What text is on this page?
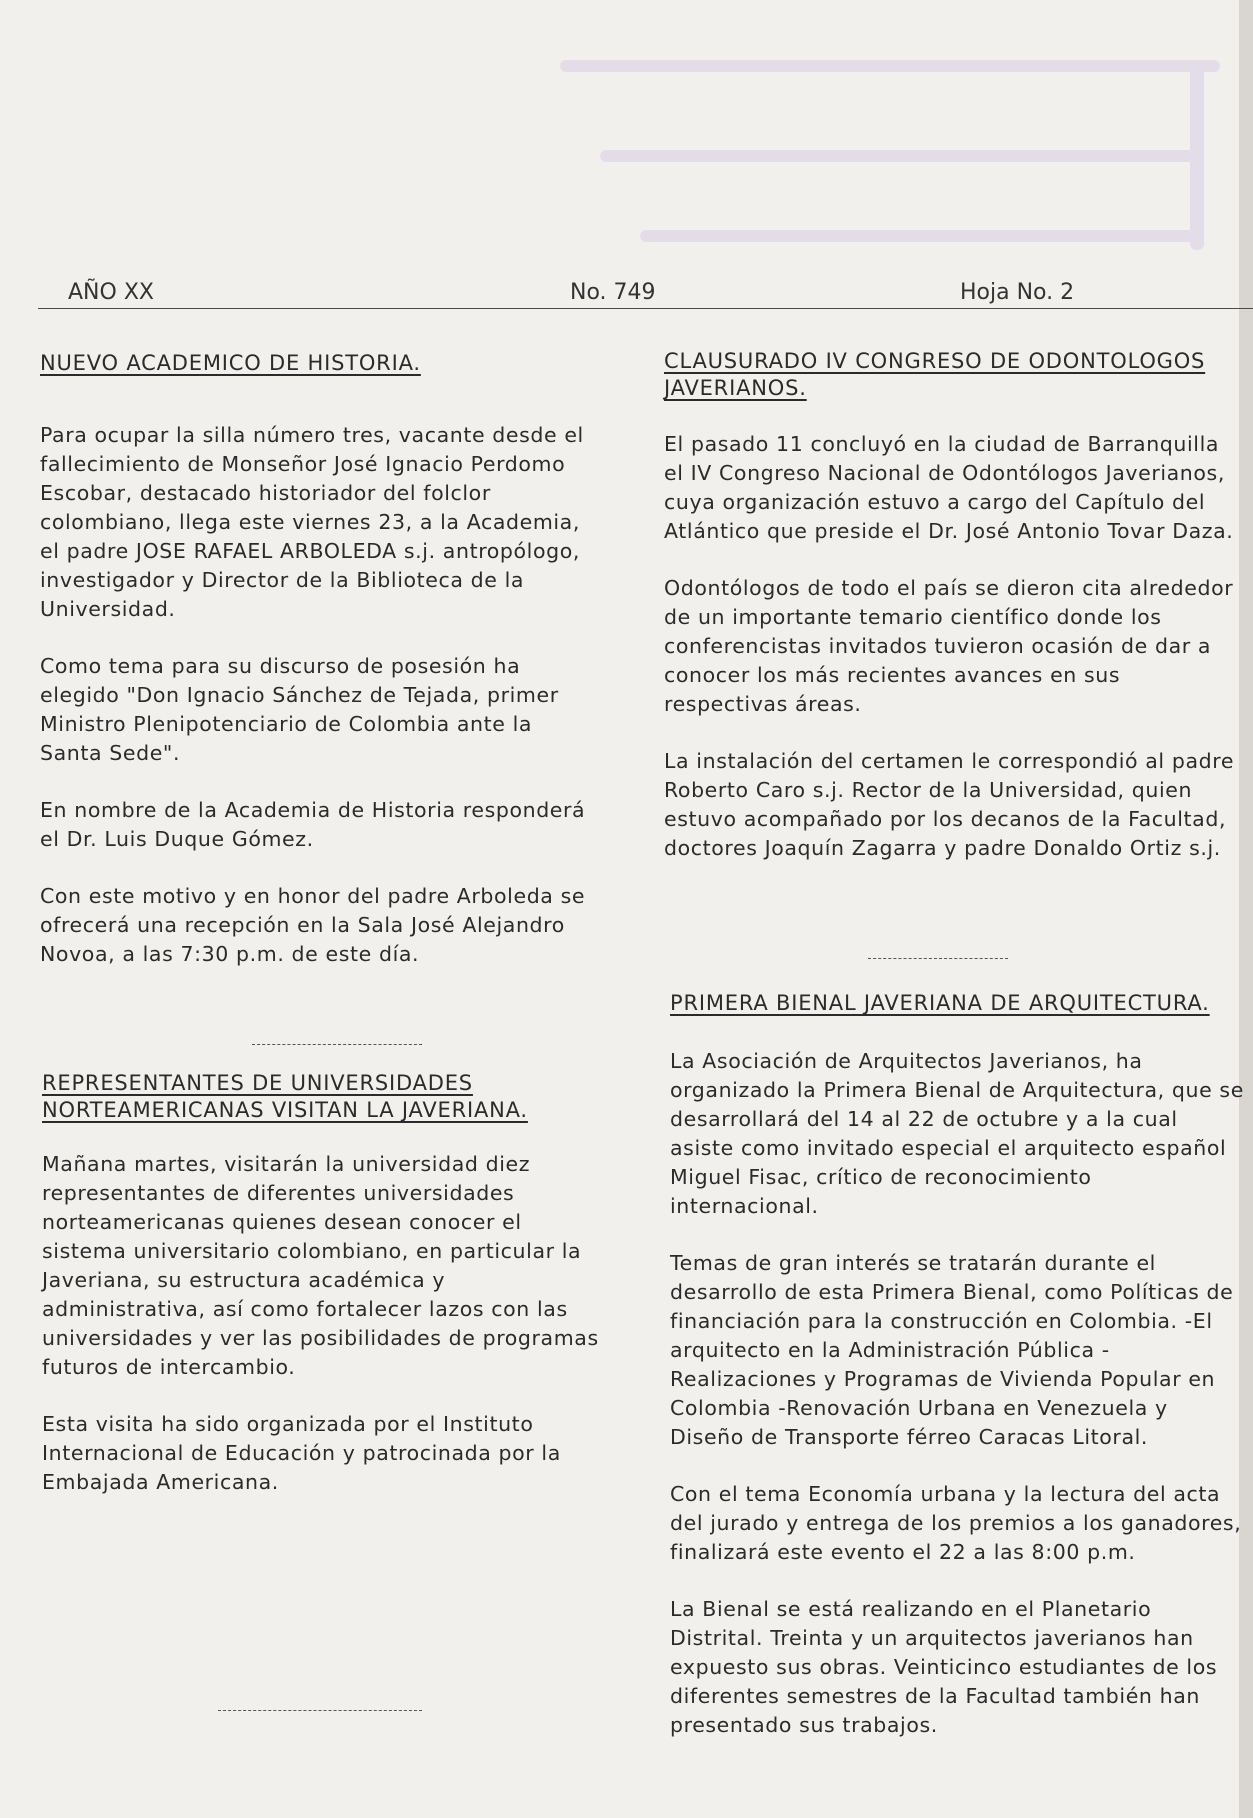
AÑO XX	No. 749	Hoja No. 2
NUEVO ACADEMICO DE HISTORIA.
Para ocupar la silla número tres, vacante desde el fallecimiento de Monseñor José Ignacio Perdomo Escobar, destacado historiador del folclor colombiano, llega este viernes 23, a la Academia, el padre JOSE RAFAEL ARBOLEDA s.j. antropólogo, investigador y Director de la Biblioteca de la Universidad.
Como tema para su discurso de posesión ha elegido "Don Ignacio Sánchez de Tejada, primer Ministro Plenipotenciario de Colombia ante la Santa Sede".
En nombre de la Academia de Historia responderá el Dr. Luis Duque Gómez.
Con este motivo y en honor del padre Arboleda se ofrecerá una recepción en la Sala José Alejandro Novoa, a las 7:30 p.m. de este día.
REPRESENTANTES DE UNIVERSIDADES NORTEAMERICANAS VISITAN LA JAVERIANA.
Mañana martes, visitarán la universidad diez representantes de diferentes universidades norteamericanas quienes desean conocer el sistema universitario colombiano, en particular la Javeriana, su estructura académica y administrativa, así como fortalecer lazos con las universidades y ver las posibilidades de programas futuros de intercambio.
Esta visita ha sido organizada por el Instituto Internacional de Educación y patrocinada por la Embajada Americana.
CLAUSURADO IV CONGRESO DE ODONTOLOGOS JAVERIANOS.
El pasado 11 concluyó en la ciudad de Barranquilla el IV Congreso Nacional de Odontólogos Javerianos, cuya organización estuvo a cargo del Capítulo del Atlántico que preside el Dr. José Antonio Tovar Daza.
Odontólogos de todo el país se dieron cita alrededor de un importante temario científico donde los conferencistas invitados tuvieron ocasión de dar a conocer los más recientes avances en sus respectivas áreas.
La instalación del certamen le correspondió al padre Roberto Caro s.j. Rector de la Universidad, quien estuvo acompañado por los decanos de la Facultad, doctores Joaquín Zagarra y padre Donaldo Ortiz s.j.
PRIMERA BIENAL JAVERIANA DE ARQUITECTURA.
La Asociación de Arquitectos Javerianos, ha organizado la Primera Bienal de Arquitectura, que se desarrollará del 14 al 22 de octubre y a la cual asiste como invitado especial el arquitecto español Miguel Fisac, crítico de reconocimiento internacional.
Temas de gran interés se tratarán durante el desarrollo de esta Primera Bienal, como Políticas de financiación para la construcción en Colombia. -El arquitecto en la Administración Pública - Realizaciones y Programas de Vivienda Popular en Colombia -Renovación Urbana en Venezuela y Diseño de Transporte férreo Caracas Litoral.
Con el tema Economía urbana y la lectura del acta del jurado y entrega de los premios a los ganadores, finalizará este evento el 22 a las 8:00 p.m.
La Bienal se está realizando en el Planetario Distrital. Treinta y un arquitectos javerianos han expuesto sus obras. Veinticinco estudiantes de los diferentes semestres de la Facultad también han presentado sus trabajos.
